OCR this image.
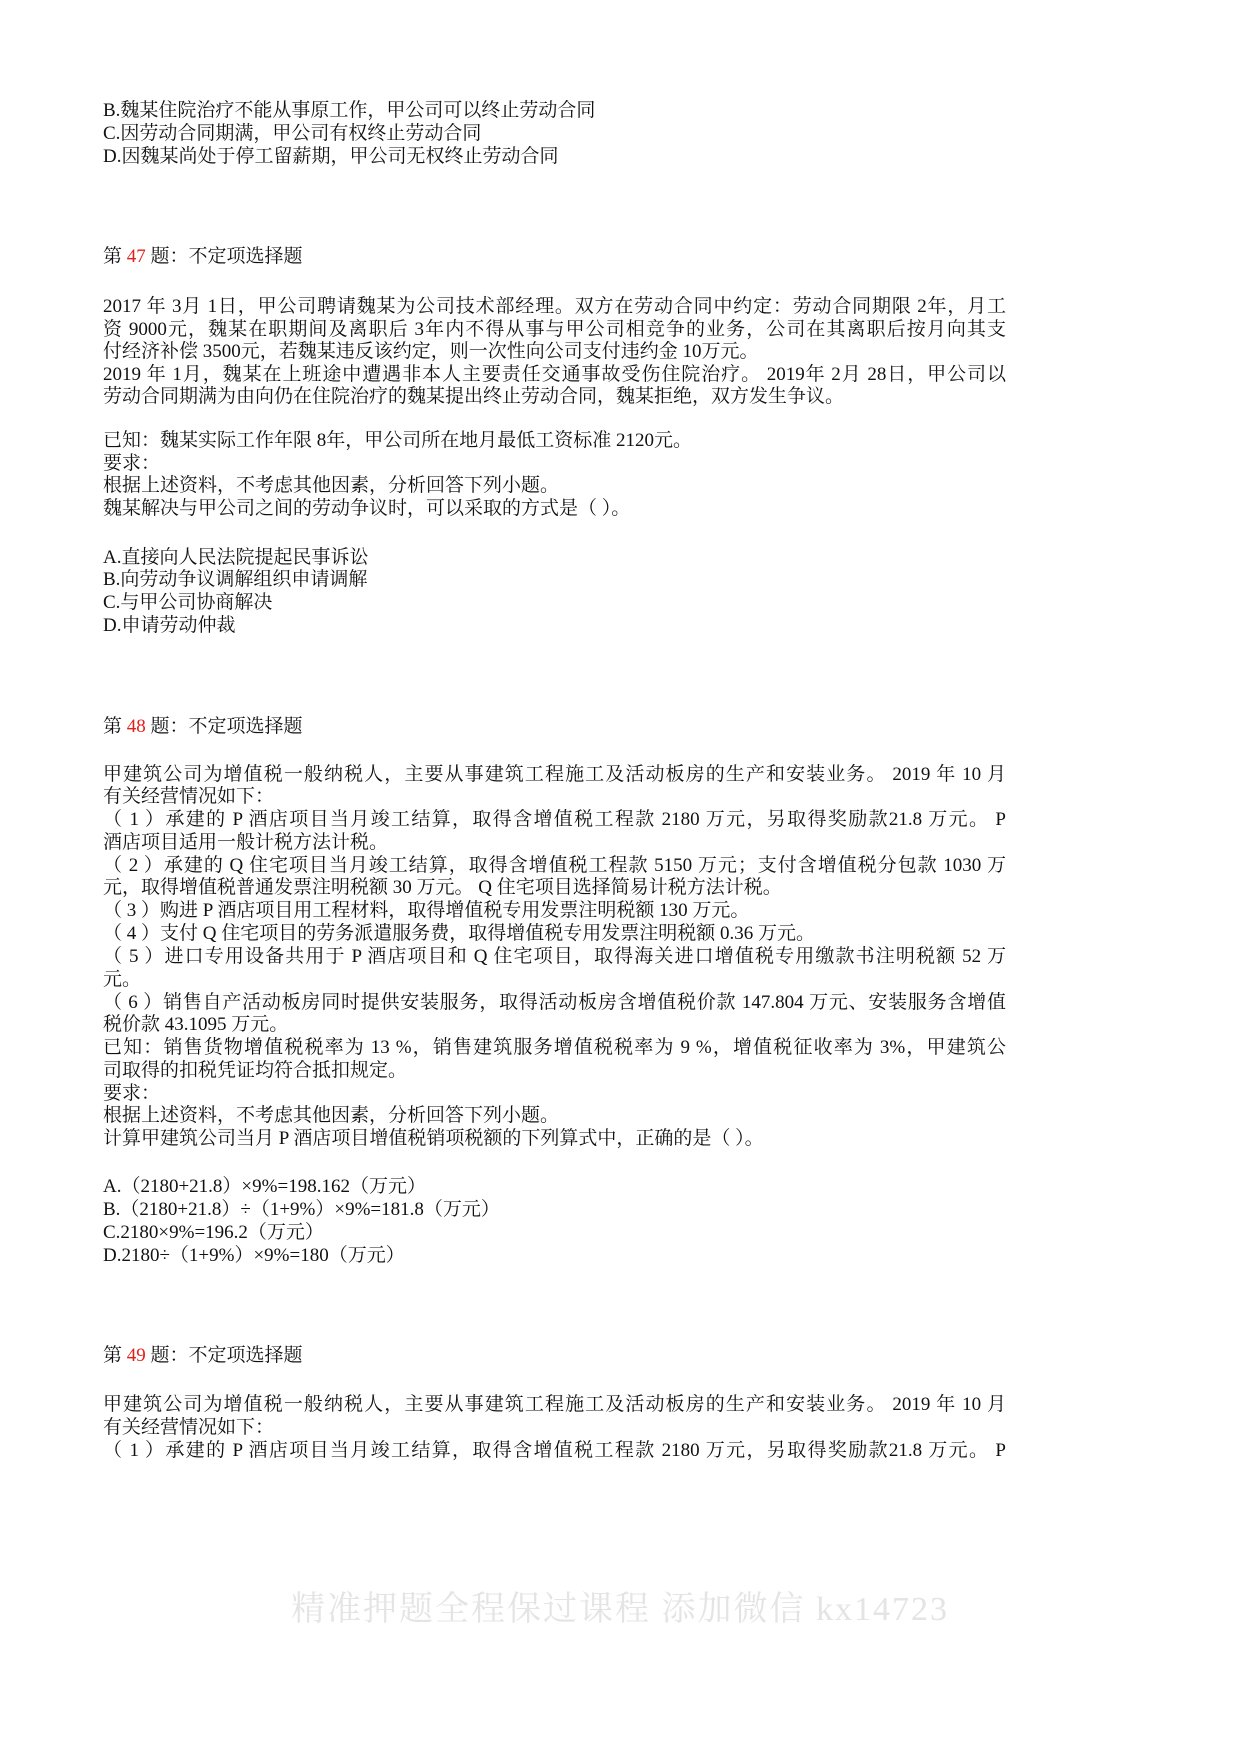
精准押题全程保过课程 添加微信 kx14723
B.魏某住院治疗不能从事原工作，甲公司可以终止劳动合同
C.因劳动合同期满，甲公司有权终止劳动合同
D.因魏某尚处于停工留薪期，甲公司无权终止劳动合同
第 47 题：不定项选择题
2017 年 3月 1日，甲公司聘请魏某为公司技术部经理。双方在劳动合同中约定：劳动合同期限 2年，月工
资 9000元，魏某在职期间及离职后 3年内不得从事与甲公司相竞争的业务，公司在其离职后按月向其支
付经济补偿 3500元，若魏某违反该约定，则一次性向公司支付违约金 10万元。
2019 年 1月，魏某在上班途中遭遇非本人主要责任交通事故受伤住院治疗。 2019年 2月 28日，甲公司以
劳动合同期满为由向仍在住院治疗的魏某提出终止劳动合同，魏某拒绝，双方发生争议。
已知：魏某实际工作年限 8年，甲公司所在地月最低工资标准 2120元。
要求：
根据上述资料，不考虑其他因素，分析回答下列小题。
魏某解决与甲公司之间的劳动争议时，可以采取的方式是（ ）。
A.直接向人民法院提起民事诉讼
B.向劳动争议调解组织申请调解
C.与甲公司协商解决
D.申请劳动仲裁
第 48 题：不定项选择题
甲建筑公司为增值税一般纳税人，主要从事建筑工程施工及活动板房的生产和安装业务。 2019 年 10 月
有关经营情况如下：
（ 1 ）承建的 P 酒店项目当月竣工结算，取得含增值税工程款 2180 万元，另取得奖励款21.8 万元。 P
酒店项目适用一般计税方法计税。
（ 2 ）承建的 Q 住宅项目当月竣工结算，取得含增值税工程款 5150 万元；支付含增值税分包款 1030 万
元，取得增值税普通发票注明税额 30 万元。 Q 住宅项目选择简易计税方法计税。
（ 3 ）购进 P 酒店项目用工程材料，取得增值税专用发票注明税额 130 万元。
（ 4 ）支付 Q 住宅项目的劳务派遣服务费，取得增值税专用发票注明税额 0.36 万元。
（ 5 ）进口专用设备共用于 P 酒店项目和 Q 住宅项目，取得海关进口增值税专用缴款书注明税额 52 万
元。
（ 6 ）销售自产活动板房同时提供安装服务，取得活动板房含增值税价款 147.804 万元、安装服务含增值
税价款 43.1095 万元。
已知：销售货物增值税税率为 13 %，销售建筑服务增值税税率为 9 %，增值税征收率为 3%，甲建筑公
司取得的扣税凭证均符合抵扣规定。
要求：
根据上述资料，不考虑其他因素，分析回答下列小题。
计算甲建筑公司当月 P 酒店项目增值税销项税额的下列算式中，正确的是（ ）。
A.（2180+21.8）×9%=198.162（万元）
B.（2180+21.8）÷（1+9%）×9%=181.8（万元）
C.2180×9%=196.2（万元）
D.2180÷（1+9%）×9%=180（万元）
第 49 题：不定项选择题
甲建筑公司为增值税一般纳税人，主要从事建筑工程施工及活动板房的生产和安装业务。 2019 年 10 月
有关经营情况如下：
（ 1 ）承建的 P 酒店项目当月竣工结算，取得含增值税工程款 2180 万元，另取得奖励款21.8 万元。 P
